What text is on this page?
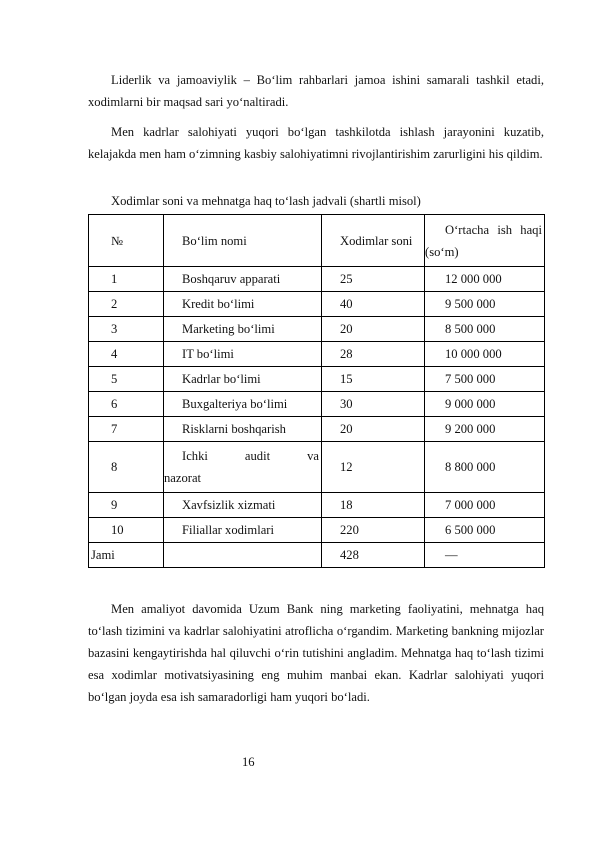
Liderlik va jamoaviylik – Bo‘lim rahbarlari jamoa ishini samarali tashkil etadi, xodimlarni bir maqsad sari yo‘naltiradi.

Men kadrlar salohiyati yuqori bo‘lgan tashkilotda ishlash jarayonini kuzatib, kelajakda men ham o‘zimning kasbiy salohiyatimni rivojlantirishim zarurligini his qildim.

Xodimlar soni va mehnatga haq to‘lash jadvali (shartli misol)

№	Bo‘lim nomi	Xodimlar soni	O‘rtacha ish haqi
(so‘m)

1	Boshqaruv apparati	25	12 000 000
2	Kredit bo‘limi	40	9 500 000
3	Marketing bo‘limi	20	8 500 000
4	IT bo‘limi	28	10 000 000
5	Kadrlar bo‘limi	15	7 500 000
6	Buxgalteriya bo‘limi	30	9 000 000
7	Risklarni boshqarish	20	9 200 000
8	Ichki audit va
nazorat	12	8 800 000
9	Xavfsizlik xizmati	18	7 000 000
10	Filiallar xodimlari	220	6 500 000
Jami		428	—

Men amaliyot davomida Uzum Bank ning marketing faoliyatini, mehnatga haq to‘lash tizimini va kadrlar salohiyatini atroflicha o‘rgandim. Marketing bankning mijozlar bazasini kengaytirishda hal qiluvchi o‘rin tutishini angladim. Mehnatga haq to‘lash tizimi esa xodimlar motivatsiyasining eng muhim manbai ekan. Kadrlar salohiyati yuqori bo‘lgan joyda esa ish samaradorligi ham yuqori bo‘ladi.

16
